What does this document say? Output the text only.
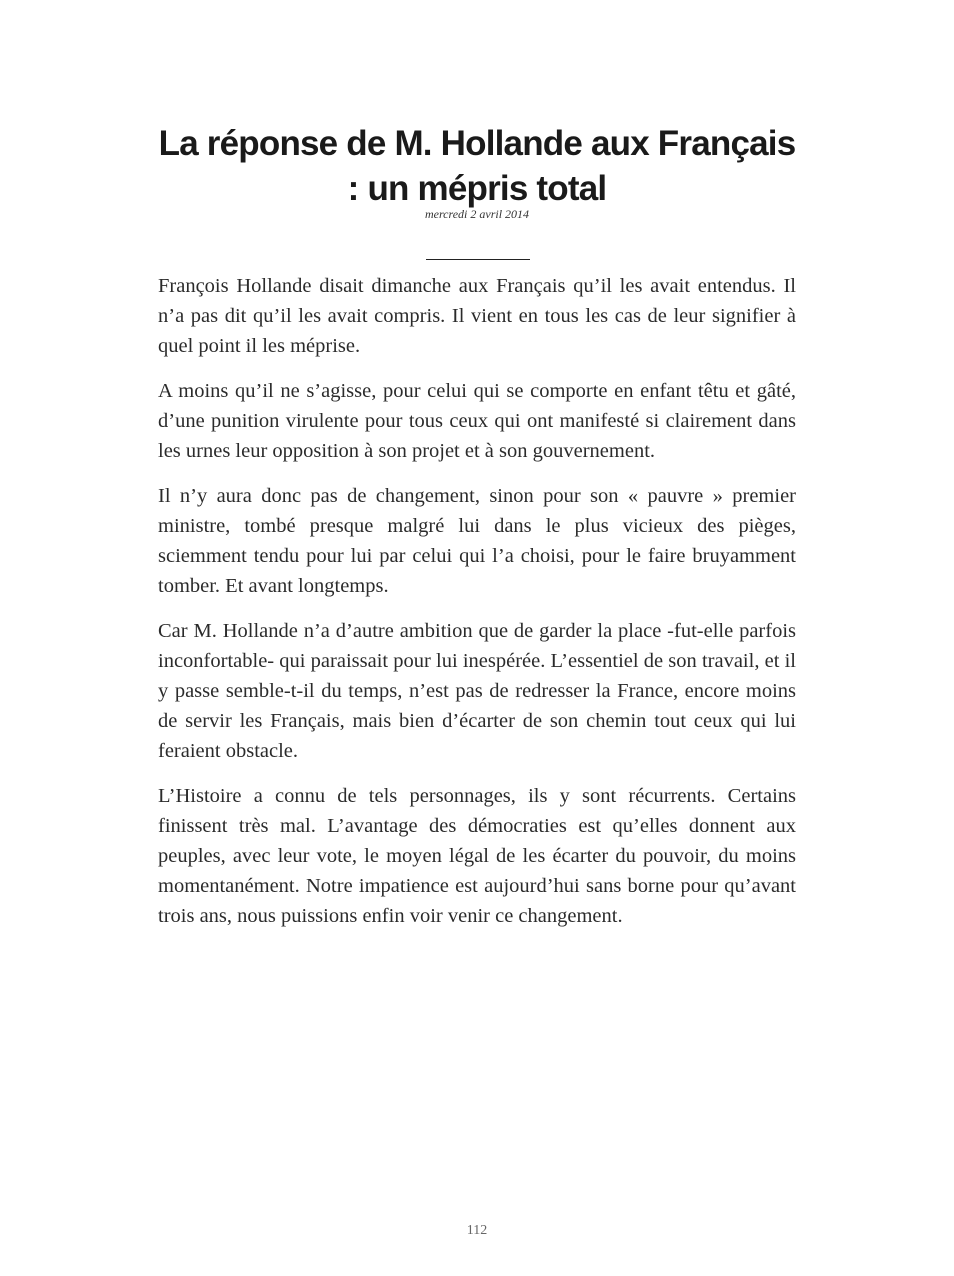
La réponse de M. Hollande aux Français : un mépris total
mercredi 2 avril 2014

François Hollande disait dimanche aux Français qu’il les avait entendus. Il n’a pas dit qu’il les avait compris. Il vient en tous les cas de leur signifier à quel point il les méprise.

A moins qu’il ne s’agisse, pour celui qui se comporte en enfant têtu et gâté, d’une punition virulente pour tous ceux qui ont manifesté si clairement dans les urnes leur opposition à son projet et à son gouvernement.

Il n’y aura donc pas de changement, sinon pour son « pauvre » premier ministre, tombé presque malgré lui dans le plus vicieux des pièges, sciemment tendu pour lui par celui qui l’a choisi, pour le faire bruyamment tomber. Et avant longtemps.

Car M. Hollande n’a d’autre ambition que de garder la place -fut-elle parfois inconfortable- qui paraissait pour lui inespérée. L’essentiel de son travail, et il y passe semble-t-il du temps, n’est pas de redresser la France, encore moins de servir les Français, mais bien d’écarter de son chemin tout ceux qui lui feraient obstacle.

L’Histoire a connu de tels personnages, ils y sont récurrents. Certains finissent très mal. L’avantage des démocraties est qu’elles donnent aux peuples, avec leur vote, le moyen légal de les écarter du pouvoir, du moins momentanément. Notre impatience est aujourd’hui sans borne pour qu’avant trois ans, nous puissions enfin voir venir ce changement.

112
